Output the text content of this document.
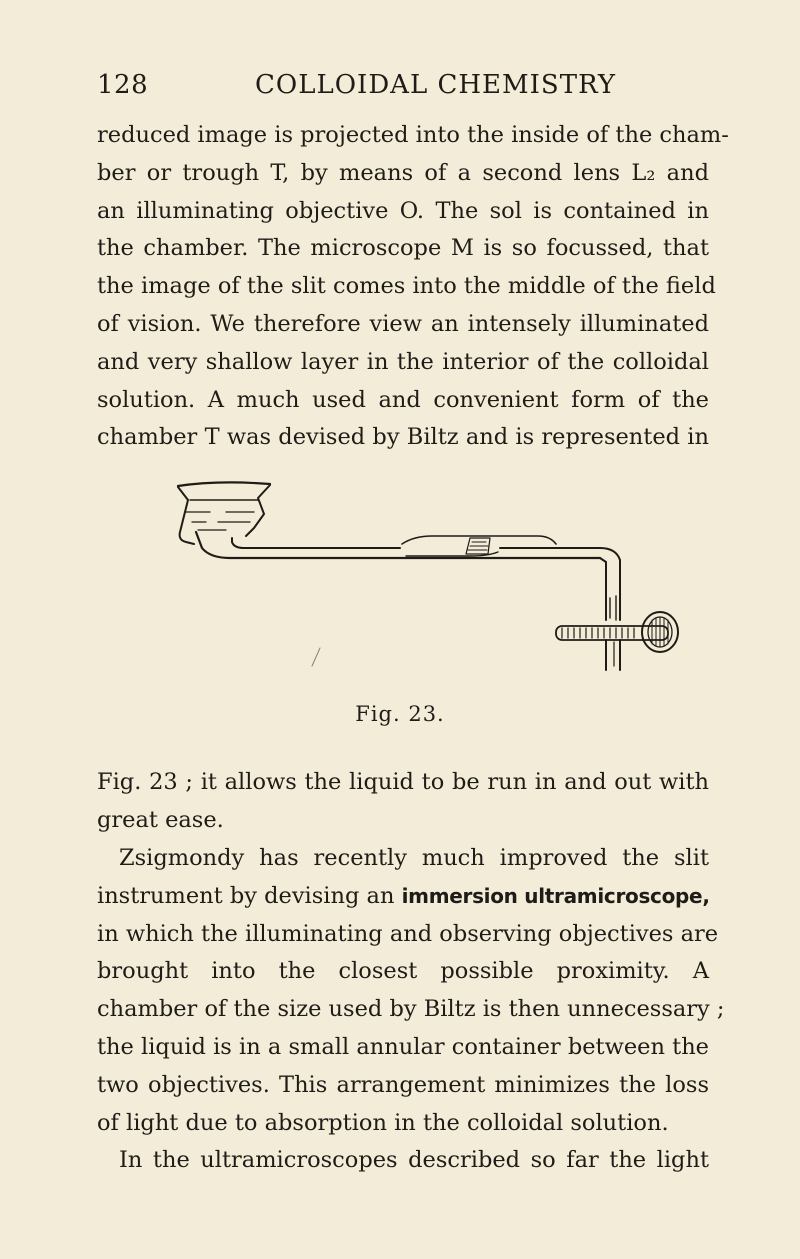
128	COLLOIDAL CHEMISTRY

reduced image is projected into the inside of the cham-
ber or trough T, by means of a second lens L₂ and
an illuminating objective O. The sol is contained in
the chamber. The microscope M is so focussed, that
the image of the slit comes into the middle of the field
of vision. We therefore view an intensely illuminated
and very shallow layer in the interior of the colloidal
solution. A much used and convenient form of the
chamber T was devised by Biltz and is represented in

Fig. 23.

Fig. 23 ; it allows the liquid to be run in and out with
great ease.

Zsigmondy has recently much improved the slit
instrument by devising an immersion ultramicroscope,
in which the illuminating and observing objectives are
brought into the closest possible proximity. A
chamber of the size used by Biltz is then unnecessary ;
the liquid is in a small annular container between the
two objectives. This arrangement minimizes the loss
of light due to absorption in the colloidal solution.

In the ultramicroscopes described so far the light
